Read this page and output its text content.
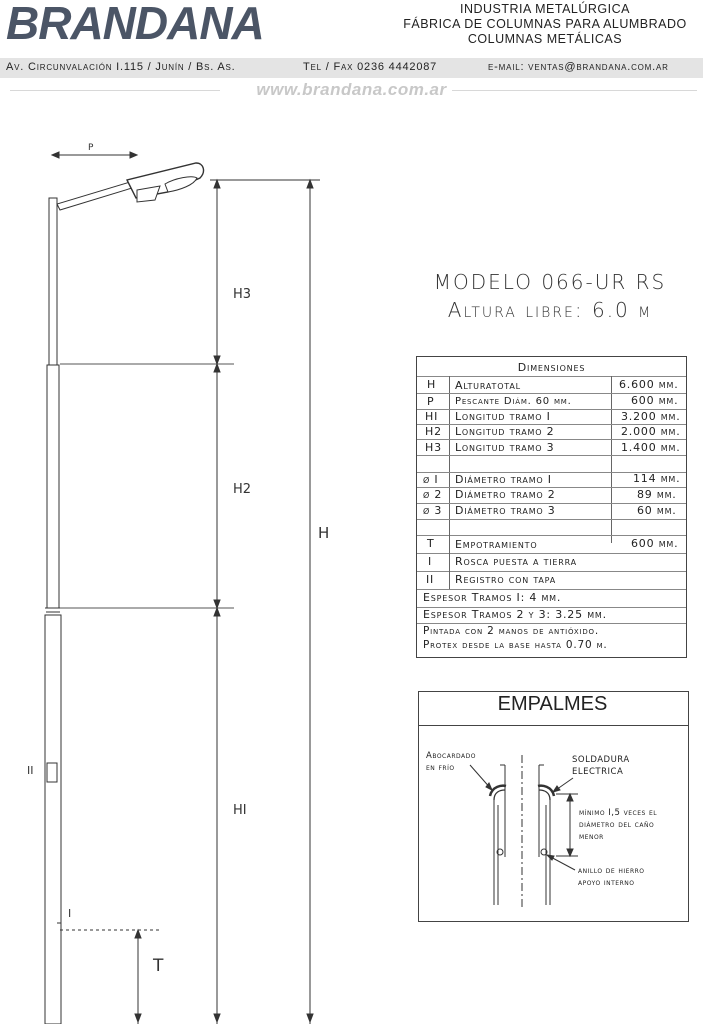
BRANDANA	INDUSTRIA METALÚRGICA
FÁBRICA DE COLUMNAS PARA ALUMBRADO
COLUMNAS METÁLICAS
Av. Circunvalación I.115 / Junín / Bs. As.	Tel / Fax 0236 4442087	e-mail: ventas@brandana.com.ar
www.brandana.com.ar
P
H3
H2
HI
H
T
II
I
MODELO 066-UR RS
Altura libre: 6.0 m
Dimensiones
H Alturatotal	6.600 mm.
P Pescante Diám. 60 mm.	600 mm.
HI Longitud tramo I	3.200 mm.
H2 Longitud tramo 2	2.000 mm.
H3 Longitud tramo 3	1.400 mm.
ø I Diámetro tramo I	114 mm.
ø 2 Diámetro tramo 2	89 mm.
ø 3 Diámetro tramo 3	60 mm.
T Empotramiento	600 mm.
I Rosca puesta a tierra
II Registro con tapa
Espesor Tramos I: 4 mm.
Espesor Tramos 2 y 3: 3.25 mm.
Pintada con 2 manos de antióxido.
Protex desde la base hasta 0.70 m.
EMPALMES
Abocardado
en frío
SOLDADURA
ELECTRICA
mínimo I,5 veces el
diámetro del caño
menor
anillo de hierro
apoyo interno
